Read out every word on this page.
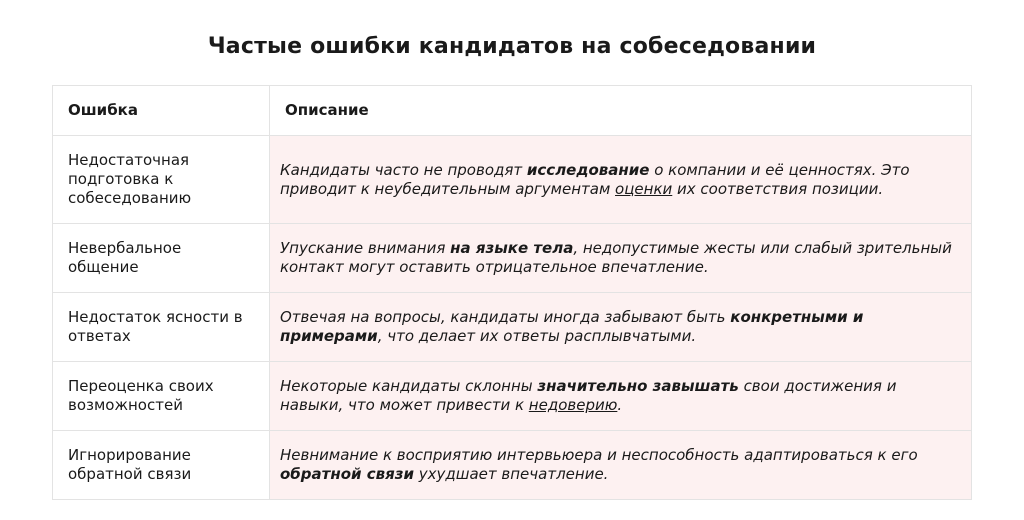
Частые ошибки кандидатов на собеседовании
Ошибка	Описание
Недостаточная подготовка к собеседованию	Кандидаты часто не проводят исследование о компании и её ценностях. Это приводит к неубедительным аргументам оценки их соответствия позиции.
Невербальное общение	Упускание внимания на языке тела, недопустимые жесты или слабый зрительный контакт могут оставить отрицательное впечатление.
Недостаток ясности в ответах	Отвечая на вопросы, кандидаты иногда забывают быть конкретными и примерами, что делает их ответы расплывчатыми.
Переоценка своих возможностей	Некоторые кандидаты склонны значительно завышать свои достижения и навыки, что может привести к недоверию.
Игнорирование обратной связи	Невнимание к восприятию интервьюера и неспособность адаптироваться к его обратной связи ухудшает впечатление.
